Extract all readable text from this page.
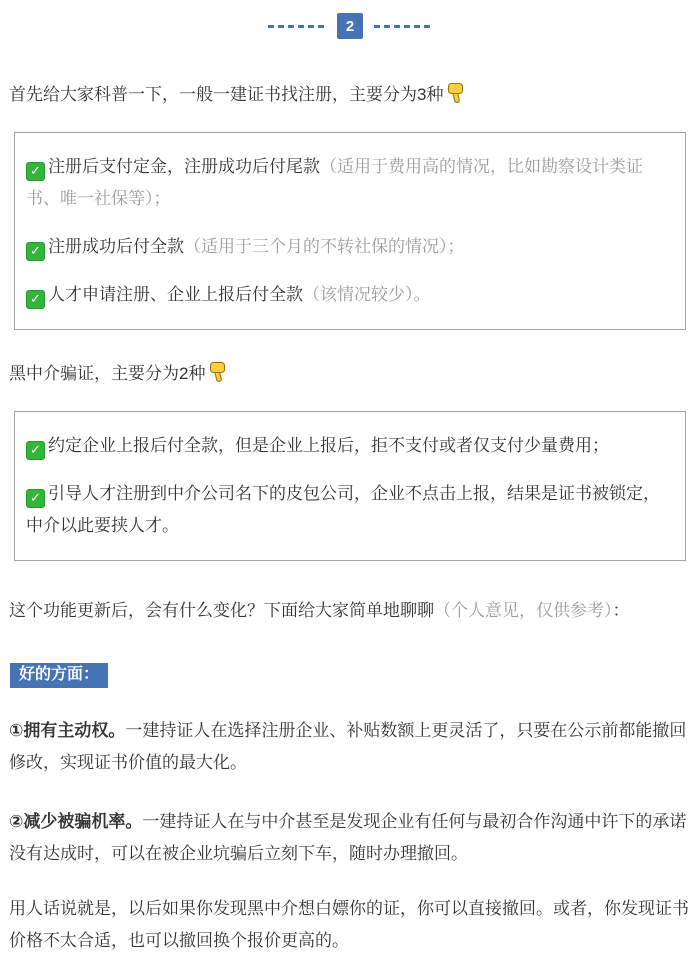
2

首先给大家科普一下，一般一建证书找注册，主要分为3种

✓ 注册后支付定金，注册成功后付尾款（适用于费用高的情况，比如勘察设计类证书、唯一社保等）；
✓ 注册成功后付全款（适用于三个月的不转社保的情况）；
✓ 人才申请注册、企业上报后付全款（该情况较少）。

黑中介骗证，主要分为2种

✓ 约定企业上报后付全款，但是企业上报后，拒不支付或者仅支付少量费用；
✓ 引导人才注册到中介公司名下的皮包公司，企业不点击上报，结果是证书被锁定，中介以此要挟人才。

这个功能更新后，会有什么变化？下面给大家简单地聊聊（个人意见，仅供参考）：

好的方面：

①拥有主动权。一建持证人在选择注册企业、补贴数额上更灵活了，只要在公示前都能撤回修改，实现证书价值的最大化。

②减少被骗机率。一建持证人在与中介甚至是发现企业有任何与最初合作沟通中许下的承诺没有达成时，可以在被企业坑骗后立刻下车，随时办理撤回。

用人话说就是，以后如果你发现黑中介想白嫖你的证，你可以直接撤回。或者，你发现证书价格不太合适，也可以撤回换个报价更高的。
